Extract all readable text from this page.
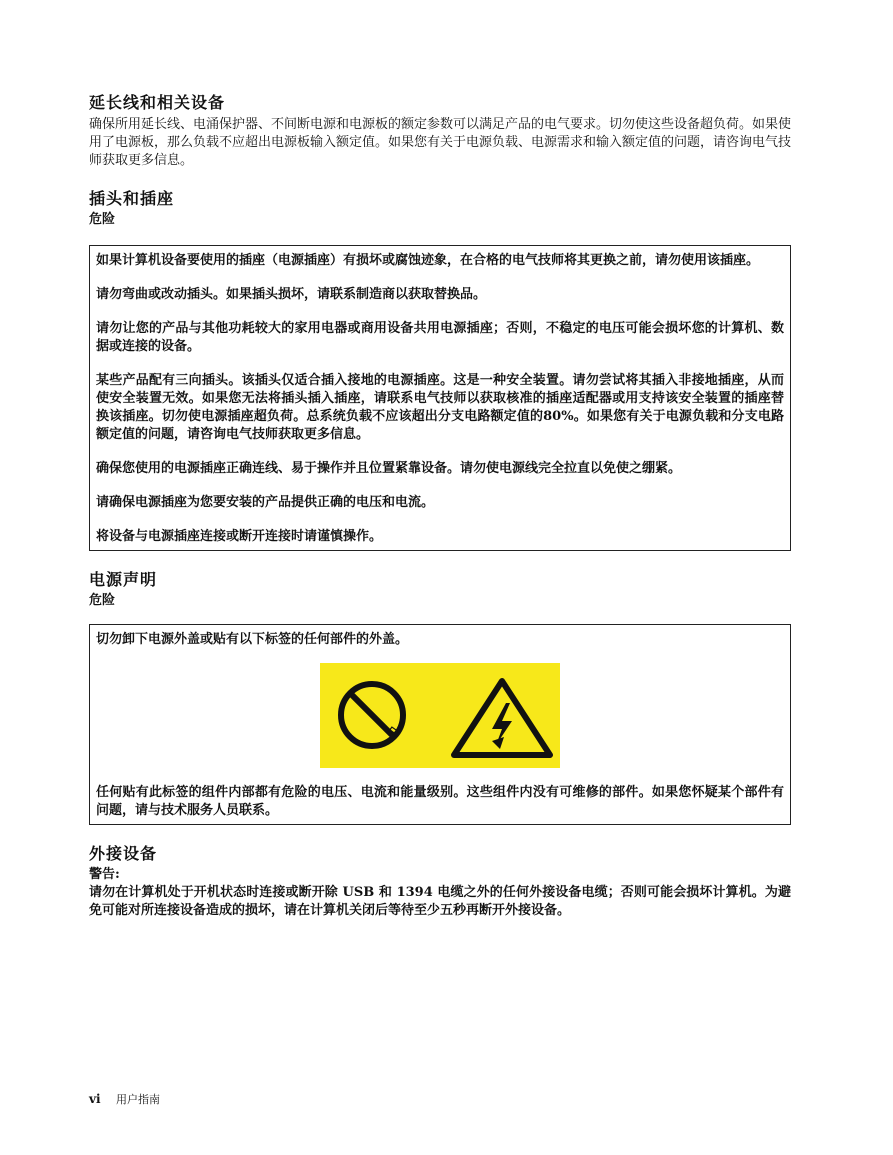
延长线和相关设备

确保所用延长线、电涌保护器、不间断电源和电源板的额定参数可以满足产品的电气要求。切勿使这些设备超负荷。如果使用了电源板，那么负载不应超出电源板输入额定值。如果您有关于电源负载、电源需求和输入额定值的问题，请咨询电气技师获取更多信息。

插头和插座

危险

如果计算机设备要使用的插座（电源插座）有损坏或腐蚀迹象，在合格的电气技师将其更换之前，请勿使用该插座。

请勿弯曲或改动插头。如果插头损坏，请联系制造商以获取替换品。

请勿让您的产品与其他功耗较大的家用电器或商用设备共用电源插座；否则，不稳定的电压可能会损坏您的计算机、数据或连接的设备。

某些产品配有三向插头。该插头仅适合插入接地的电源插座。这是一种安全装置。请勿尝试将其插入非接地插座，从而使安全装置无效。如果您无法将插头插入插座，请联系电气技师以获取核准的插座适配器或用支持该安全装置的插座替换该插座。切勿使电源插座超负荷。总系统负载不应该超出分支电路额定值的80%。如果您有关于电源负载和分支电路额定值的问题，请咨询电气技师获取更多信息。

确保您使用的电源插座正确连线、易于操作并且位置紧靠设备。请勿使电源线完全拉直以免使之绷紧。

请确保电源插座为您要安装的产品提供正确的电压和电流。

将设备与电源插座连接或断开连接时请谨慎操作。

电源声明

危险

切勿卸下电源外盖或贴有以下标签的任何部件的外盖。

任何贴有此标签的组件内部都有危险的电压、电流和能量级别。这些组件内没有可维修的部件。如果您怀疑某个部件有问题，请与技术服务人员联系。

外接设备

警告:

请勿在计算机处于开机状态时连接或断开除 USB 和 1394 电缆之外的任何外接设备电缆；否则可能会损坏计算机。为避免可能对所连接设备造成的损坏，请在计算机关闭后等待至少五秒再断开外接设备。

vi 用户指南
